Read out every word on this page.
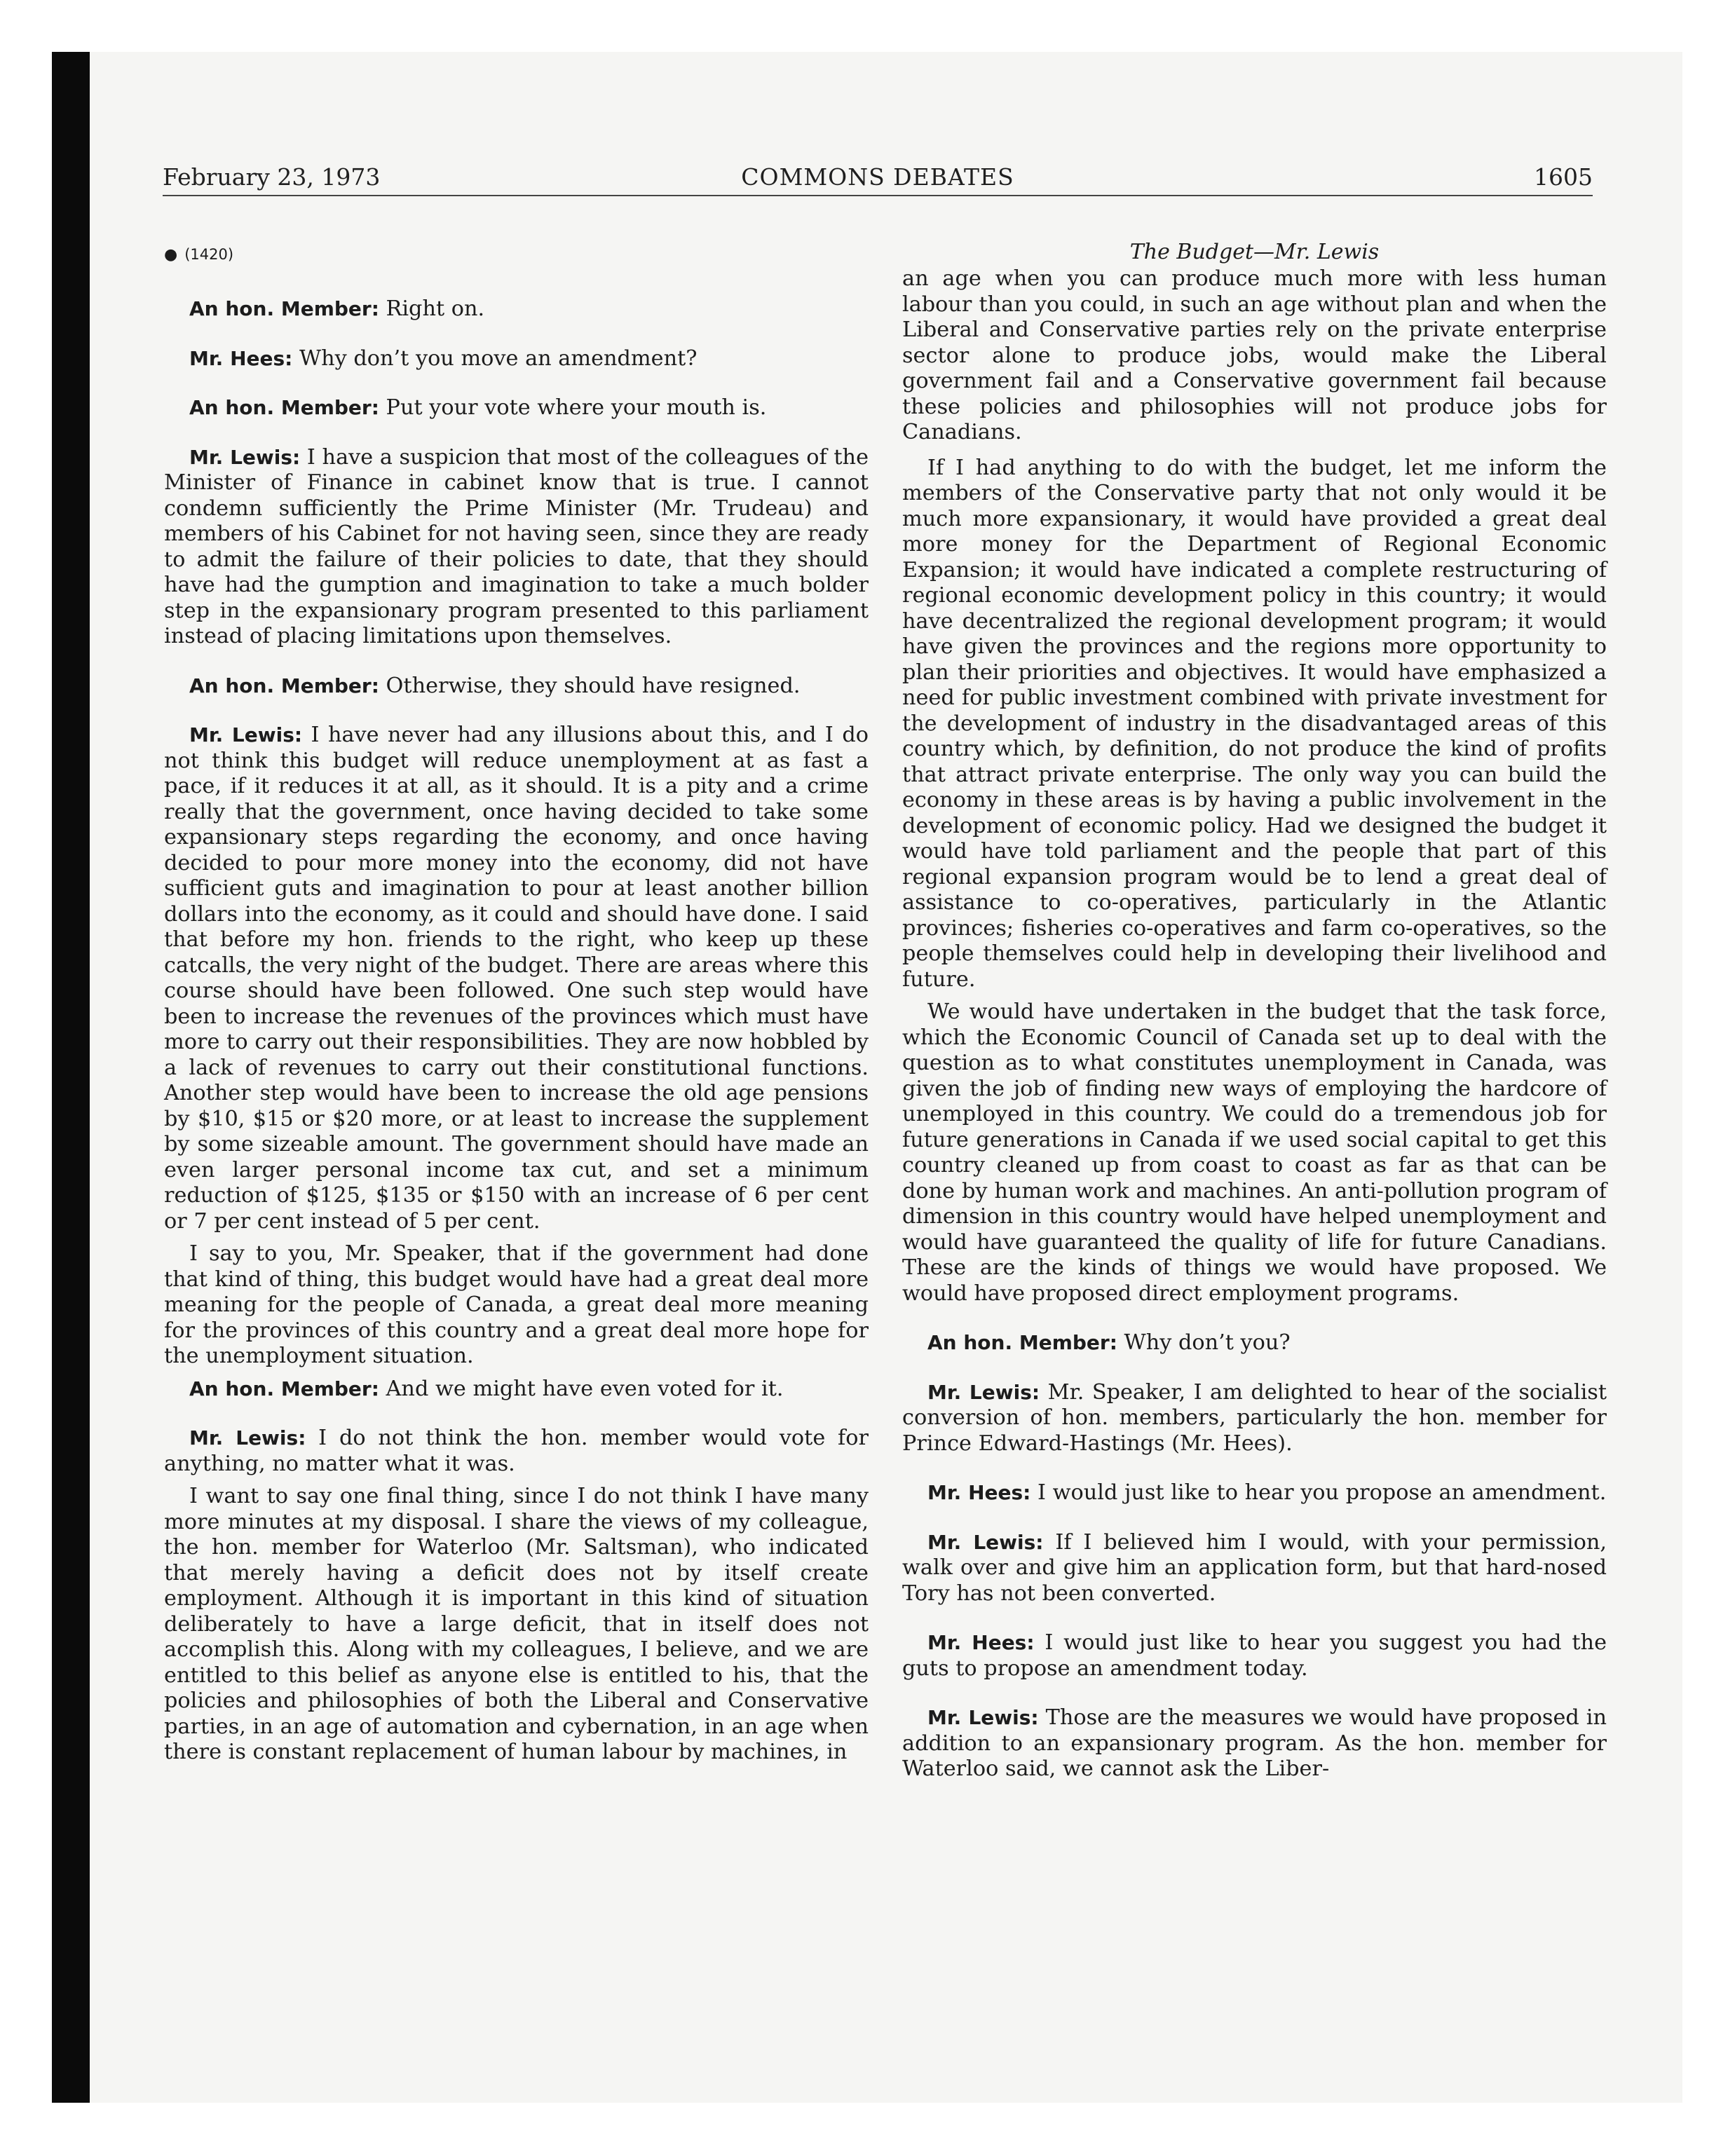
February 23, 1973	COMMONS DEBATES	1605
● (1420)

An hon. Member: Right on.

Mr. Hees: Why don’t you move an amendment?

An hon. Member: Put your vote where your mouth is.

Mr. Lewis: I have a suspicion that most of the colleagues of the Minister of Finance in cabinet know that is true. I cannot condemn sufficiently the Prime Minister (Mr. Trudeau) and members of his Cabinet for not having seen, since they are ready to admit the failure of their policies to date, that they should have had the gumption and imagination to take a much bolder step in the expansionary program presented to this parliament instead of placing limitations upon themselves.

An hon. Member: Otherwise, they should have resigned.

Mr. Lewis: I have never had any illusions about this, and I do not think this budget will reduce unemployment at as fast a pace, if it reduces it at all, as it should. It is a pity and a crime really that the government, once having decided to take some expansionary steps regarding the economy, and once having decided to pour more money into the economy, did not have sufficient guts and imagination to pour at least another billion dollars into the economy, as it could and should have done. I said that before my hon. friends to the right, who keep up these catcalls, the very night of the budget. There are areas where this course should have been followed. One such step would have been to increase the revenues of the provinces which must have more to carry out their responsibilities. They are now hobbled by a lack of revenues to carry out their constitutional functions. Another step would have been to increase the old age pensions by $10, $15 or $20 more, or at least to increase the supplement by some sizeable amount. The government should have made an even larger personal income tax cut, and set a minimum reduction of $125, $135 or $150 with an increase of 6 per cent or 7 per cent instead of 5 per cent.

I say to you, Mr. Speaker, that if the government had done that kind of thing, this budget would have had a great deal more meaning for the people of Canada, a great deal more meaning for the provinces of this country and a great deal more hope for the unemployment situation.

An hon. Member: And we might have even voted for it.

Mr. Lewis: I do not think the hon. member would vote for anything, no matter what it was.

I want to say one final thing, since I do not think I have many more minutes at my disposal. I share the views of my colleague, the hon. member for Waterloo (Mr. Saltsman), who indicated that merely having a deficit does not by itself create employment. Although it is important in this kind of situation deliberately to have a large deficit, that in itself does not accomplish this. Along with my colleagues, I believe, and we are entitled to this belief as anyone else is entitled to his, that the policies and philosophies of both the Liberal and Conservative parties, in an age of automation and cybernation, in an age when there is constant replacement of human labour by machines, in

The Budget—Mr. Lewis

an age when you can produce much more with less human labour than you could, in such an age without plan and when the Liberal and Conservative parties rely on the private enterprise sector alone to produce jobs, would make the Liberal government fail and a Conservative government fail because these policies and philosophies will not produce jobs for Canadians.

If I had anything to do with the budget, let me inform the members of the Conservative party that not only would it be much more expansionary, it would have provided a great deal more money for the Department of Regional Economic Expansion; it would have indicated a complete restructuring of regional economic development policy in this country; it would have decentralized the regional development program; it would have given the provinces and the regions more opportunity to plan their priorities and objectives. It would have emphasized a need for public investment combined with private investment for the development of industry in the disadvantaged areas of this country which, by definition, do not produce the kind of profits that attract private enterprise. The only way you can build the economy in these areas is by having a public involvement in the development of economic policy. Had we designed the budget it would have told parliament and the people that part of this regional expansion program would be to lend a great deal of assistance to co-operatives, particularly in the Atlantic provinces; fisheries co-operatives and farm co-operatives, so the people themselves could help in developing their livelihood and future.

We would have undertaken in the budget that the task force, which the Economic Council of Canada set up to deal with the question as to what constitutes unemployment in Canada, was given the job of finding new ways of employing the hardcore of unemployed in this country. We could do a tremendous job for future generations in Canada if we used social capital to get this country cleaned up from coast to coast as far as that can be done by human work and machines. An anti-pollution program of dimension in this country would have helped unemployment and would have guaranteed the quality of life for future Canadians. These are the kinds of things we would have proposed. We would have proposed direct employment programs.

An hon. Member: Why don’t you?

Mr. Lewis: Mr. Speaker, I am delighted to hear of the socialist conversion of hon. members, particularly the hon. member for Prince Edward-Hastings (Mr. Hees).

Mr. Hees: I would just like to hear you propose an amendment.

Mr. Lewis: If I believed him I would, with your permission, walk over and give him an application form, but that hard-nosed Tory has not been converted.

Mr. Hees: I would just like to hear you suggest you had the guts to propose an amendment today.

Mr. Lewis: Those are the measures we would have proposed in addition to an expansionary program. As the hon. member for Waterloo said, we cannot ask the Liber-
